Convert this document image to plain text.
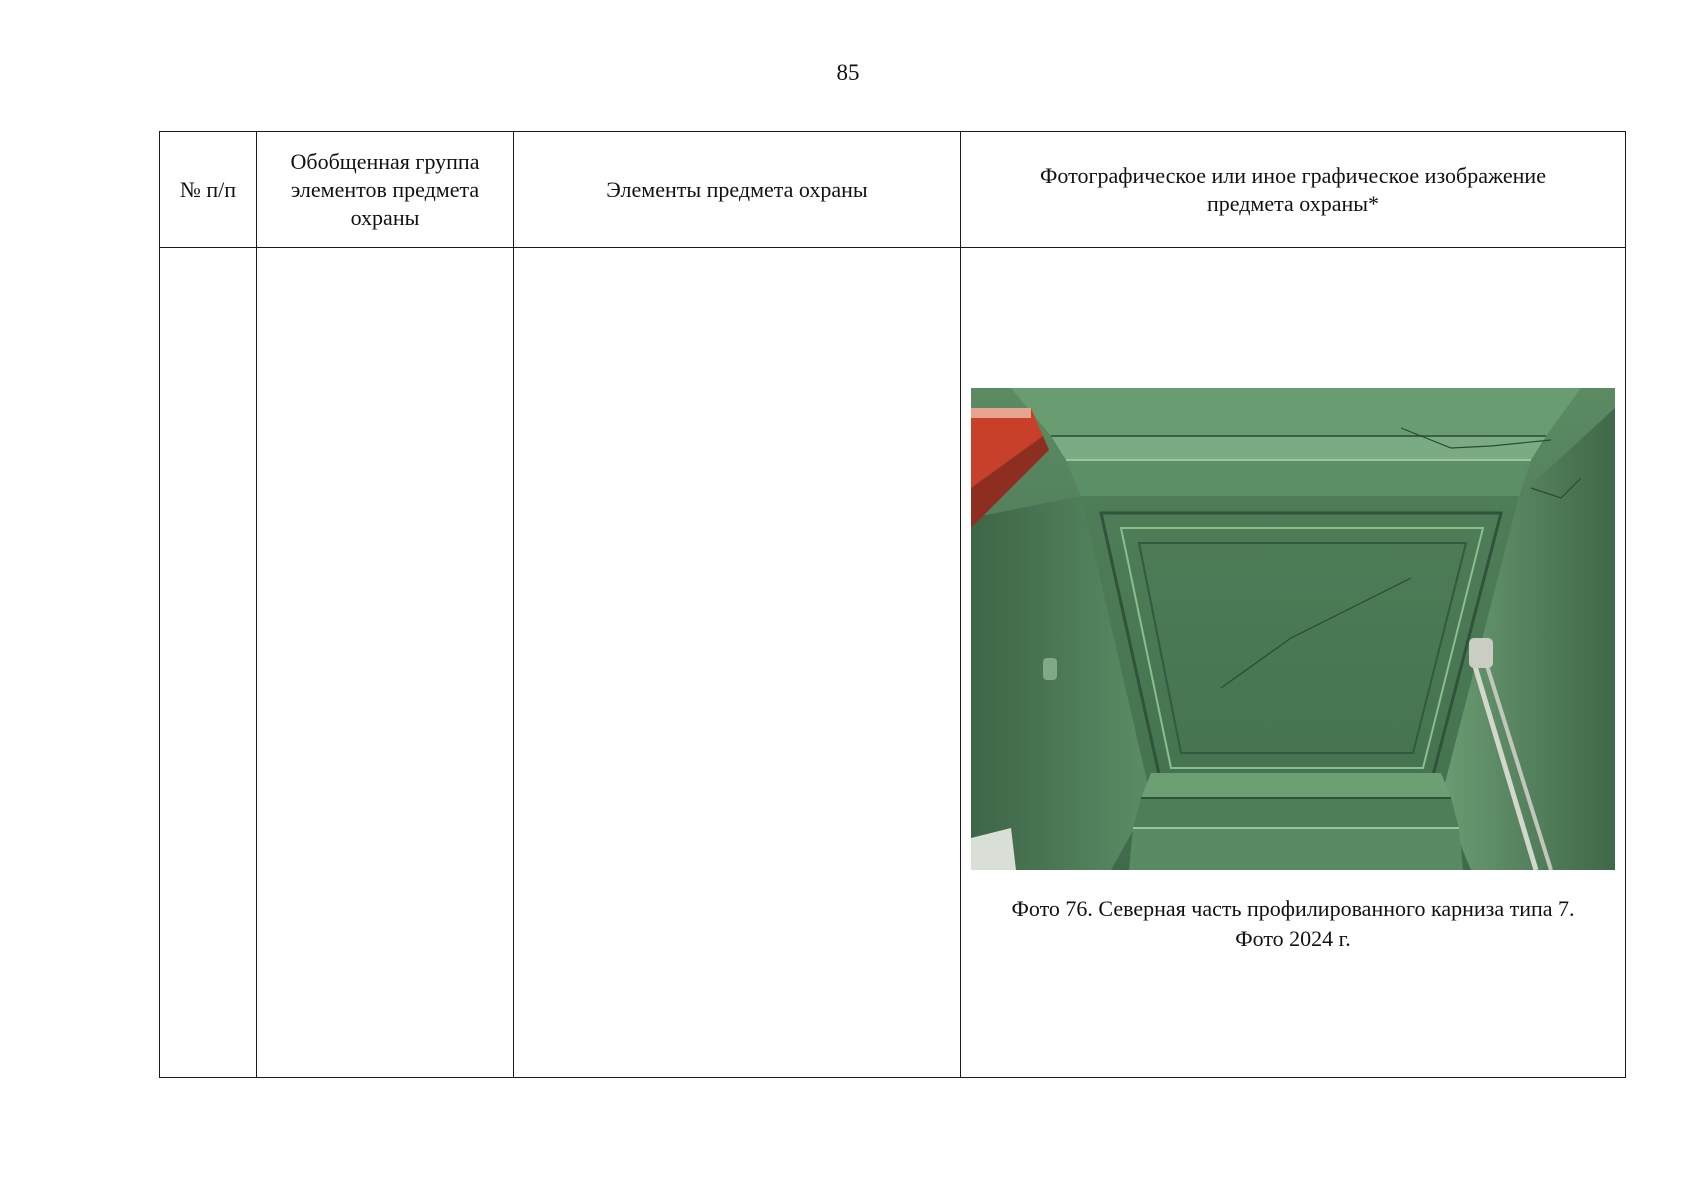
85
№ п/п	Обобщенная группа элементов предмета охраны	Элементы предмета охраны	Фотографическое или иное графическое изображение предмета охраны*

			Фото 76. Северная часть профилированного карниза типа 7.
Фото 2024 г.
